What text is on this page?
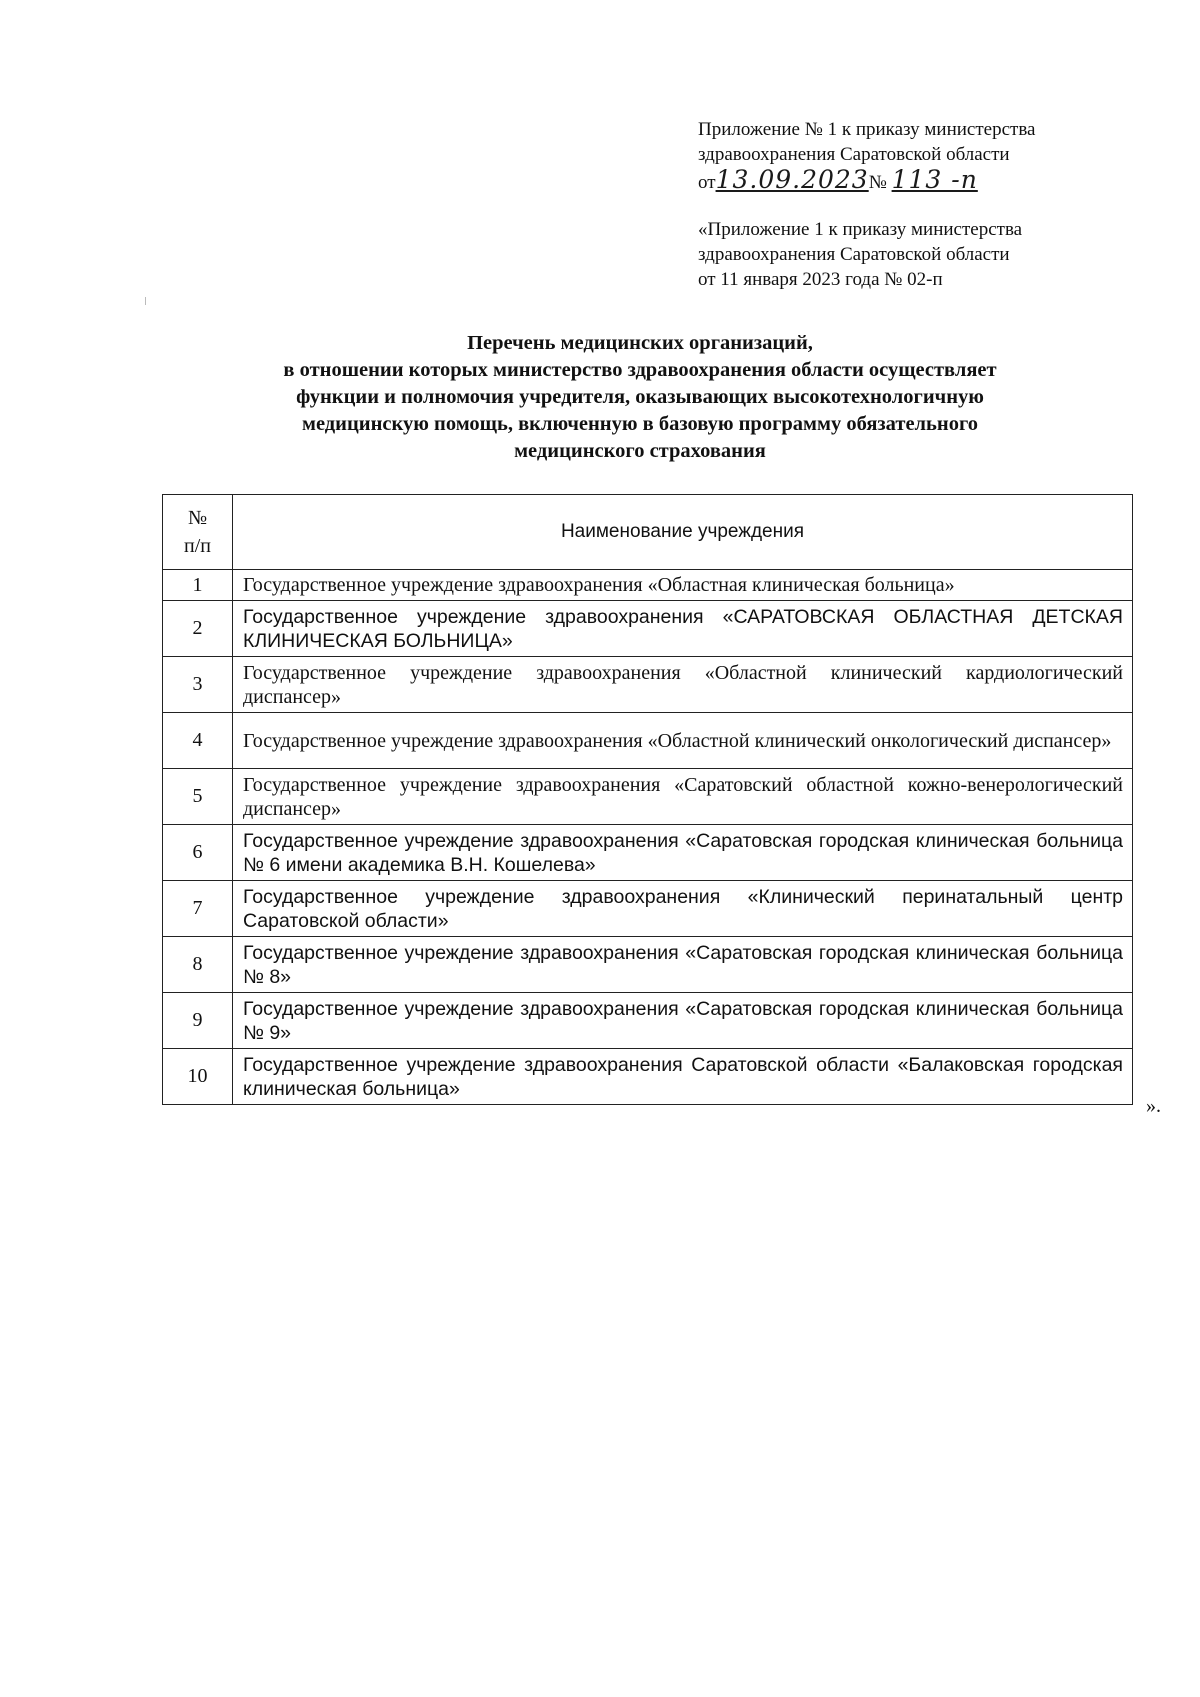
Приложение № 1 к приказу министерства

здравоохранения Саратовской области

от13.09.2023№ 113 -п

«Приложение 1 к приказу министерства

здравоохранения Саратовской области

от 11 января 2023 года № 02-п

Перечень медицинских организаций,
в отношении которых министерство здравоохранения области осуществляет
функции и полномочия учредителя, оказывающих высокотехнологичную
медицинскую помощь, включенную в базовую программу обязательного
медицинского страхования
№
п/п	Наименование учреждения
1	Государственное учреждение здравоохранения «Областная клиническая больница»
2	Государственное учреждение здравоохранения «САРАТОВСКАЯ ОБЛАСТНАЯ ДЕТСКАЯ КЛИНИЧЕСКАЯ БОЛЬНИЦА»
3	Государственное учреждение здравоохранения «Областной клинический кардиологический диспансер»
4	Государственное учреждение здравоохранения «Областной клинический онкологический диспансер»
5	Государственное учреждение здравоохранения «Саратовский областной кожно-венерологический диспансер»
6	Государственное учреждение здравоохранения «Саратовская городская клиническая больница № 6 имени академика В.Н. Кошелева»
7	Государственное учреждение здравоохранения «Клинический перинатальный центр Саратовской области»
8	Государственное учреждение здравоохранения «Саратовская городская клиническая больница № 8»
9	Государственное учреждение здравоохранения «Саратовская городская клиническая больница № 9»
10	Государственное учреждение здравоохранения Саратовской области «Балаковская городская клиническая больница»
».
